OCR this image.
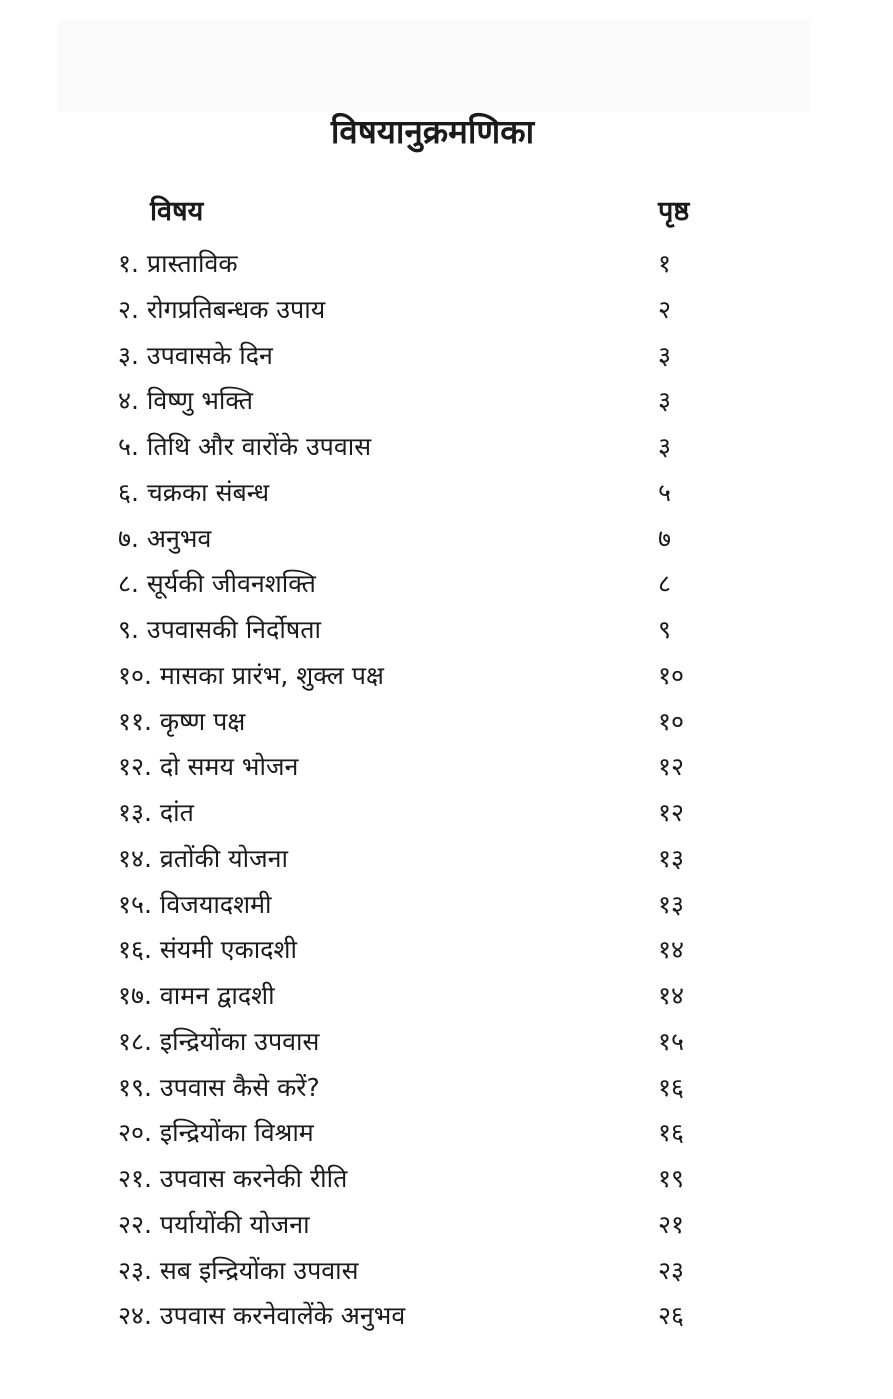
विषयानुक्रमणिका
विषय	पृष्ठ
१. प्रास्ताविक	१
२. रोगप्रतिबन्धक उपाय	२
३. उपवासके दिन	३
४. विष्णु भक्ति	३
५. तिथि और वारोंके उपवास	३
६. चक्रका संबन्ध	५
७. अनुभव	७
८. सूर्यकी जीवनशक्ति	८
९. उपवासकी निर्दोषता	९
१०. मासका प्रारंभ, शुक्ल पक्ष	१०
११. कृष्ण पक्ष	१०
१२. दो समय भोजन	१२
१३. दांत	१२
१४. व्रतोंकी योजना	१३
१५. विजयादशमी	१३
१६. संयमी एकादशी	१४
१७. वामन द्वादशी	१४
१८. इन्द्रियोंका उपवास	१५
१९. उपवास कैसे करें?	१६
२०. इन्द्रियोंका विश्राम	१६
२१. उपवास करनेकी रीति	१९
२२. पर्यायोंकी योजना	२१
२३. सब इन्द्रियोंका उपवास	२३
२४. उपवास करनेवालेंके अनुभव	२६
